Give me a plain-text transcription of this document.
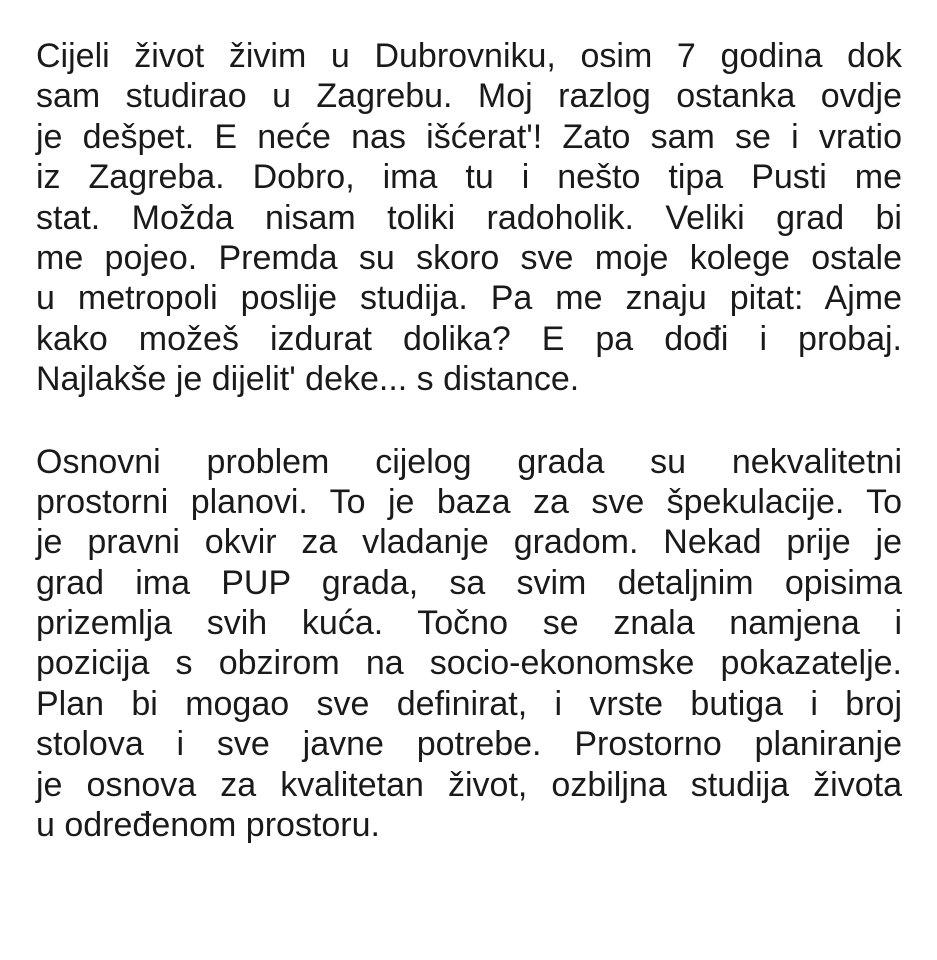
Cijeli život živim u Dubrovniku, osim 7 godina dok
sam studirao u Zagrebu. Moj razlog ostanka ovdje
je dešpet. E neće nas išćerat'! Zato sam se i vratio
iz Zagreba. Dobro, ima tu i nešto tipa Pusti me
stat. Možda nisam toliki radoholik. Veliki grad bi
me pojeo. Premda su skoro sve moje kolege ostale
u metropoli poslije studija. Pa me znaju pitat: Ajme
kako možeš izdurat dolika? E pa dođi i probaj.
Najlakše je dijelit' deke... s distance.
Osnovni problem cijelog grada su nekvalitetni
prostorni planovi. To je baza za sve špekulacije. To
je pravni okvir za vladanje gradom. Nekad prije je
grad ima PUP grada, sa svim detaljnim opisima
prizemlja svih kuća. Točno se znala namjena i
pozicija s obzirom na socio-ekonomske pokazatelje.
Plan bi mogao sve definirat, i vrste butiga i broj
stolova i sve javne potrebe. Prostorno planiranje
je osnova za kvalitetan život, ozbiljna studija života
u određenom prostoru.
